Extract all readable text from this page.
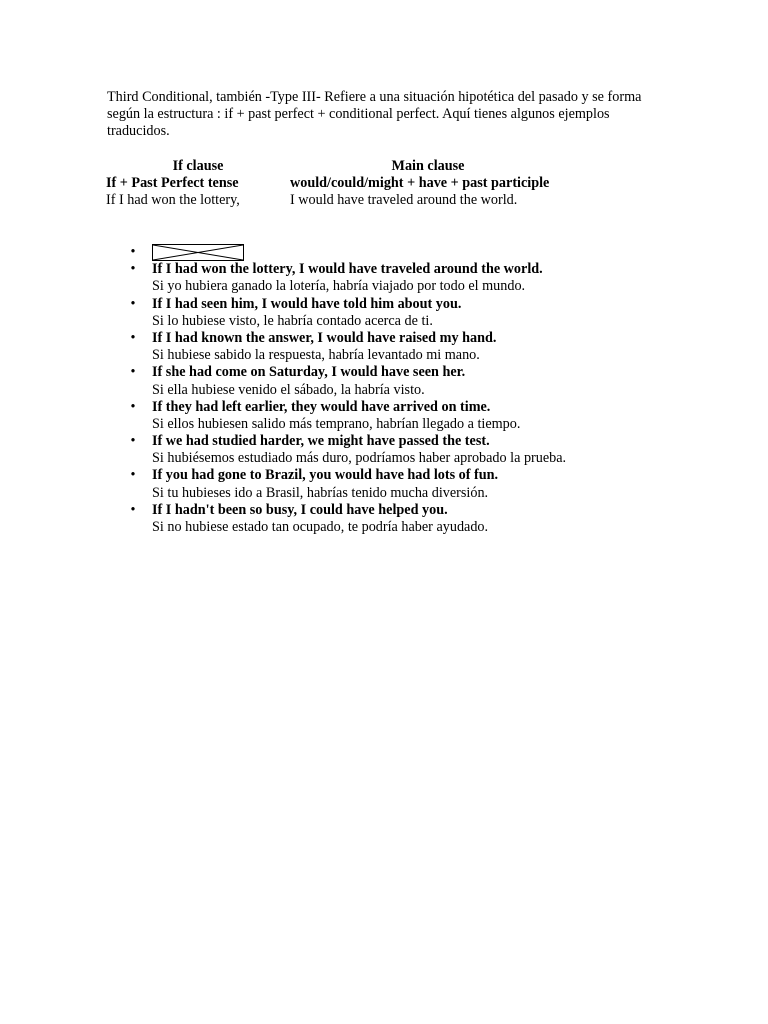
Third Conditional, también -Type III- Refiere a una situación hipotética del pasado y se forma según la estructura : if + past perfect + conditional perfect. Aquí tienes algunos ejemplos traducidos.

If clause	Main clause
If + Past Perfect tense	would/could/might + have + past participle
If I had won the lottery,	I would have traveled around the world.
•
• If I had won the lottery, I would have traveled around the world.
Si yo hubiera ganado la lotería, habría viajado por todo el mundo.
• If I had seen him, I would have told him about you.
Si lo hubiese visto, le habría contado acerca de ti.
• If I had known the answer, I would have raised my hand.
Si hubiese sabido la respuesta, habría levantado mi mano.
• If she had come on Saturday, I would have seen her.
Si ella hubiese venido el sábado, la habría visto.
• If they had left earlier, they would have arrived on time.
Si ellos hubiesen salido más temprano, habrían llegado a tiempo.
• If we had studied harder, we might have passed the test.
Si hubiésemos estudiado más duro, podríamos haber aprobado la prueba.
• If you had gone to Brazil, you would have had lots of fun.
Si tu hubieses ido a Brasil, habrías tenido mucha diversión.
• If I hadn't been so busy, I could have helped you.
Si no hubiese estado tan ocupado, te podría haber ayudado.
